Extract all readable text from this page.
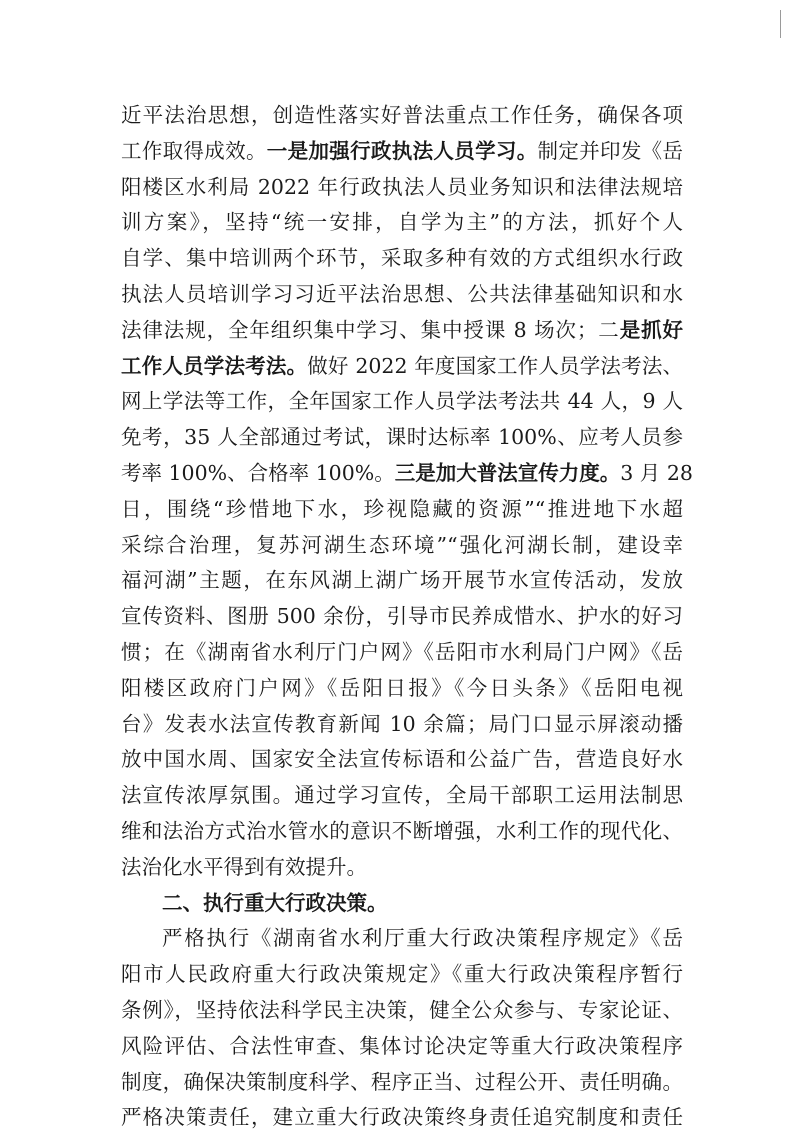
近平法治思想，创造性落实好普法重点工作任务，确保各项
工作取得成效。一是加强行政执法人员学习。制定并印发《岳
阳楼区水利局 2022 年行政执法人员业务知识和法律法规培
训方案》，坚持“统一安排，自学为主”的方法，抓好个人
自学、集中培训两个环节，采取多种有效的方式组织水行政
执法人员培训学习习近平法治思想、公共法律基础知识和水
法律法规，全年组织集中学习、集中授课 8 场次；二是抓好
工作人员学法考法。做好 2022 年度国家工作人员学法考法、
网上学法等工作，全年国家工作人员学法考法共 44 人，9 人
免考，35 人全部通过考试，课时达标率 100%、应考人员参
考率 100%、合格率 100%。三是加大普法宣传力度。3 月 28
日，围绕“珍惜地下水，珍视隐藏的资源”“推进地下水超
采综合治理，复苏河湖生态环境”“强化河湖长制，建设幸
福河湖”主题，在东风湖上湖广场开展节水宣传活动，发放
宣传资料、图册 500 余份，引导市民养成惜水、护水的好习
惯；在《湖南省水利厅门户网》《岳阳市水利局门户网》《岳
阳楼区政府门户网》《岳阳日报》《今日头条》《岳阳电视
台》发表水法宣传教育新闻 10 余篇；局门口显示屏滚动播
放中国水周、国家安全法宣传标语和公益广告，营造良好水
法宣传浓厚氛围。通过学习宣传，全局干部职工运用法制思
维和法治方式治水管水的意识不断增强，水利工作的现代化、
法治化水平得到有效提升。
二、执行重大行政决策。
严格执行《湖南省水利厅重大行政决策程序规定》《岳
阳市人民政府重大行政决策规定》《重大行政决策程序暂行
条例》，坚持依法科学民主决策，健全公众参与、专家论证、
风险评估、合法性审查、集体讨论决定等重大行政决策程序
制度，确保决策制度科学、程序正当、过程公开、责任明确。
严格决策责任，建立重大行政决策终身责任追究制度和责任
